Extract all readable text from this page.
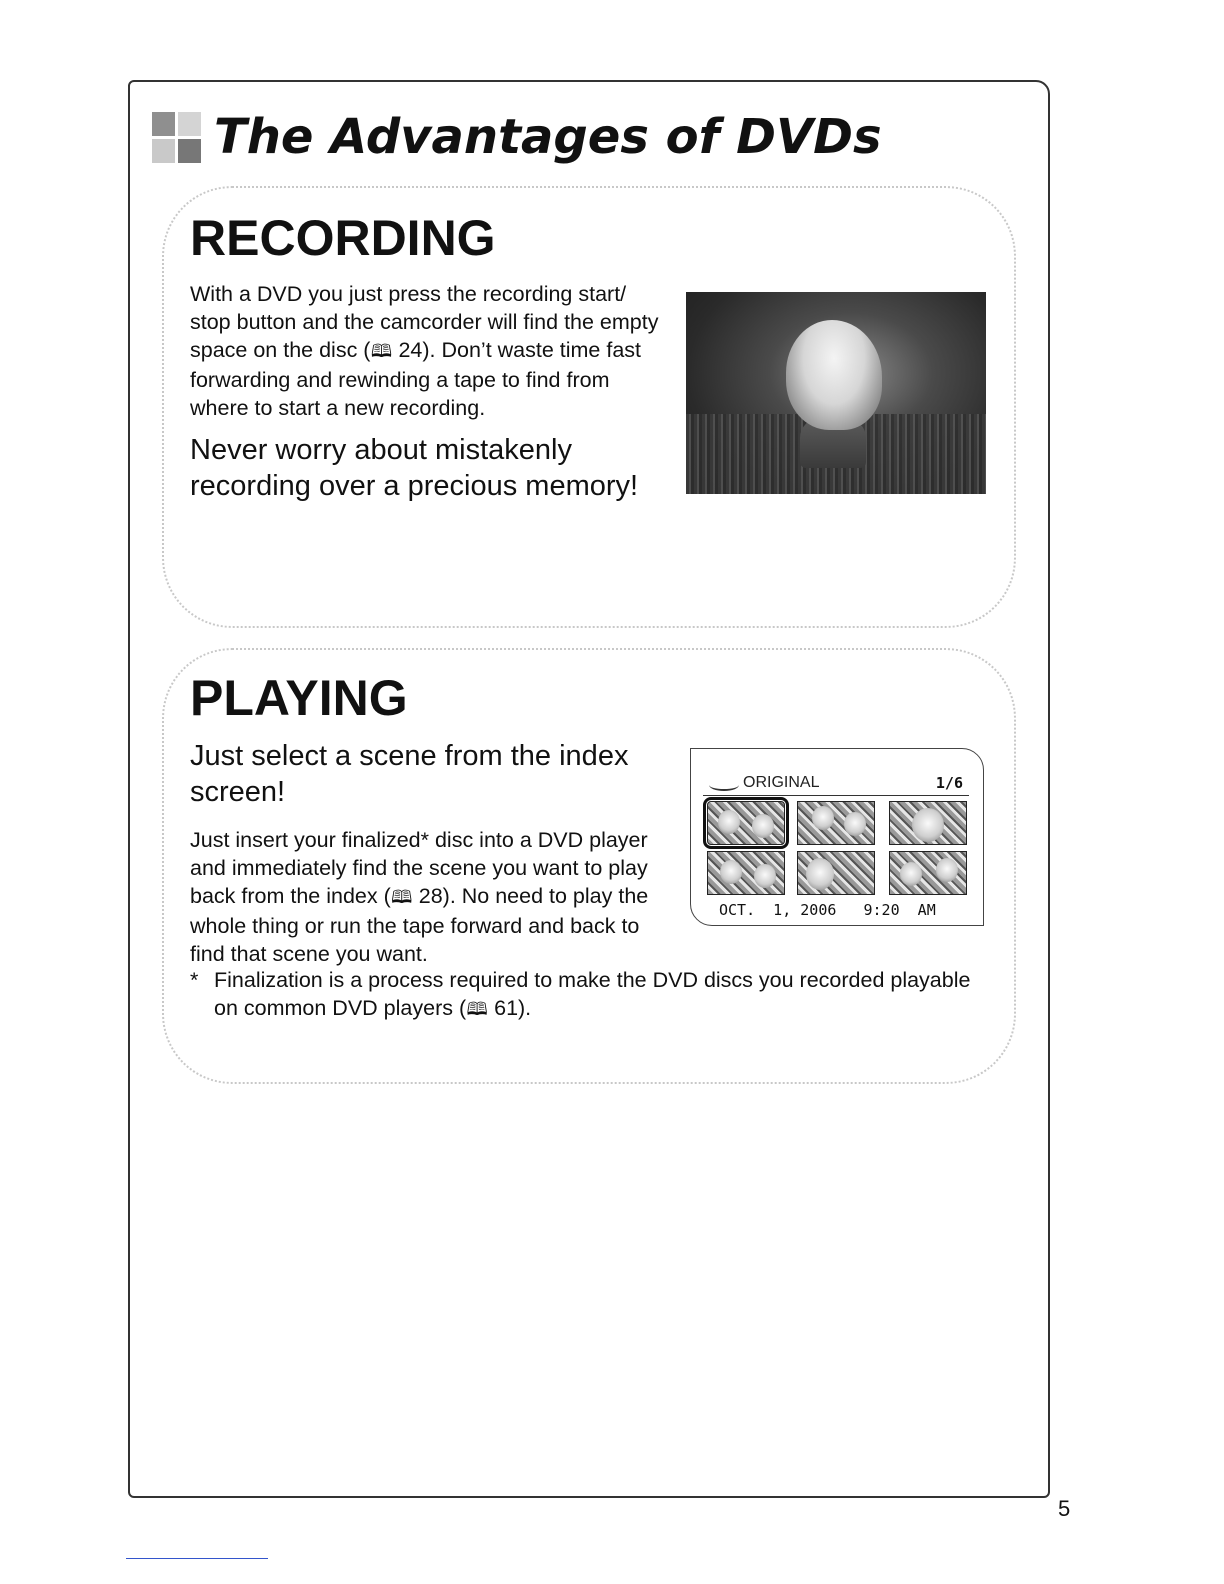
The Advantages of DVDs
RECORDING
With a DVD you just press the recording start/
stop button and the camcorder will find the empty
space on the disc (🕮 24). Don’t waste time fast
forwarding and rewinding a tape to find from
where to start a new recording.
Never worry about mistakenly
recording over a precious memory!
PLAYING
Just select a scene from the index
screen!
Just insert your finalized* disc into a DVD player
and immediately find the scene you want to play
back from the index (🕮 28). No need to play the
whole thing or run the tape forward and back to
find that scene you want.
ORIGINAL	1/6
OCT.  1, 2006 9:20  AM
* Finalization is a process required to make the DVD discs you recorded playable
on common DVD players (🕮 61).
5
